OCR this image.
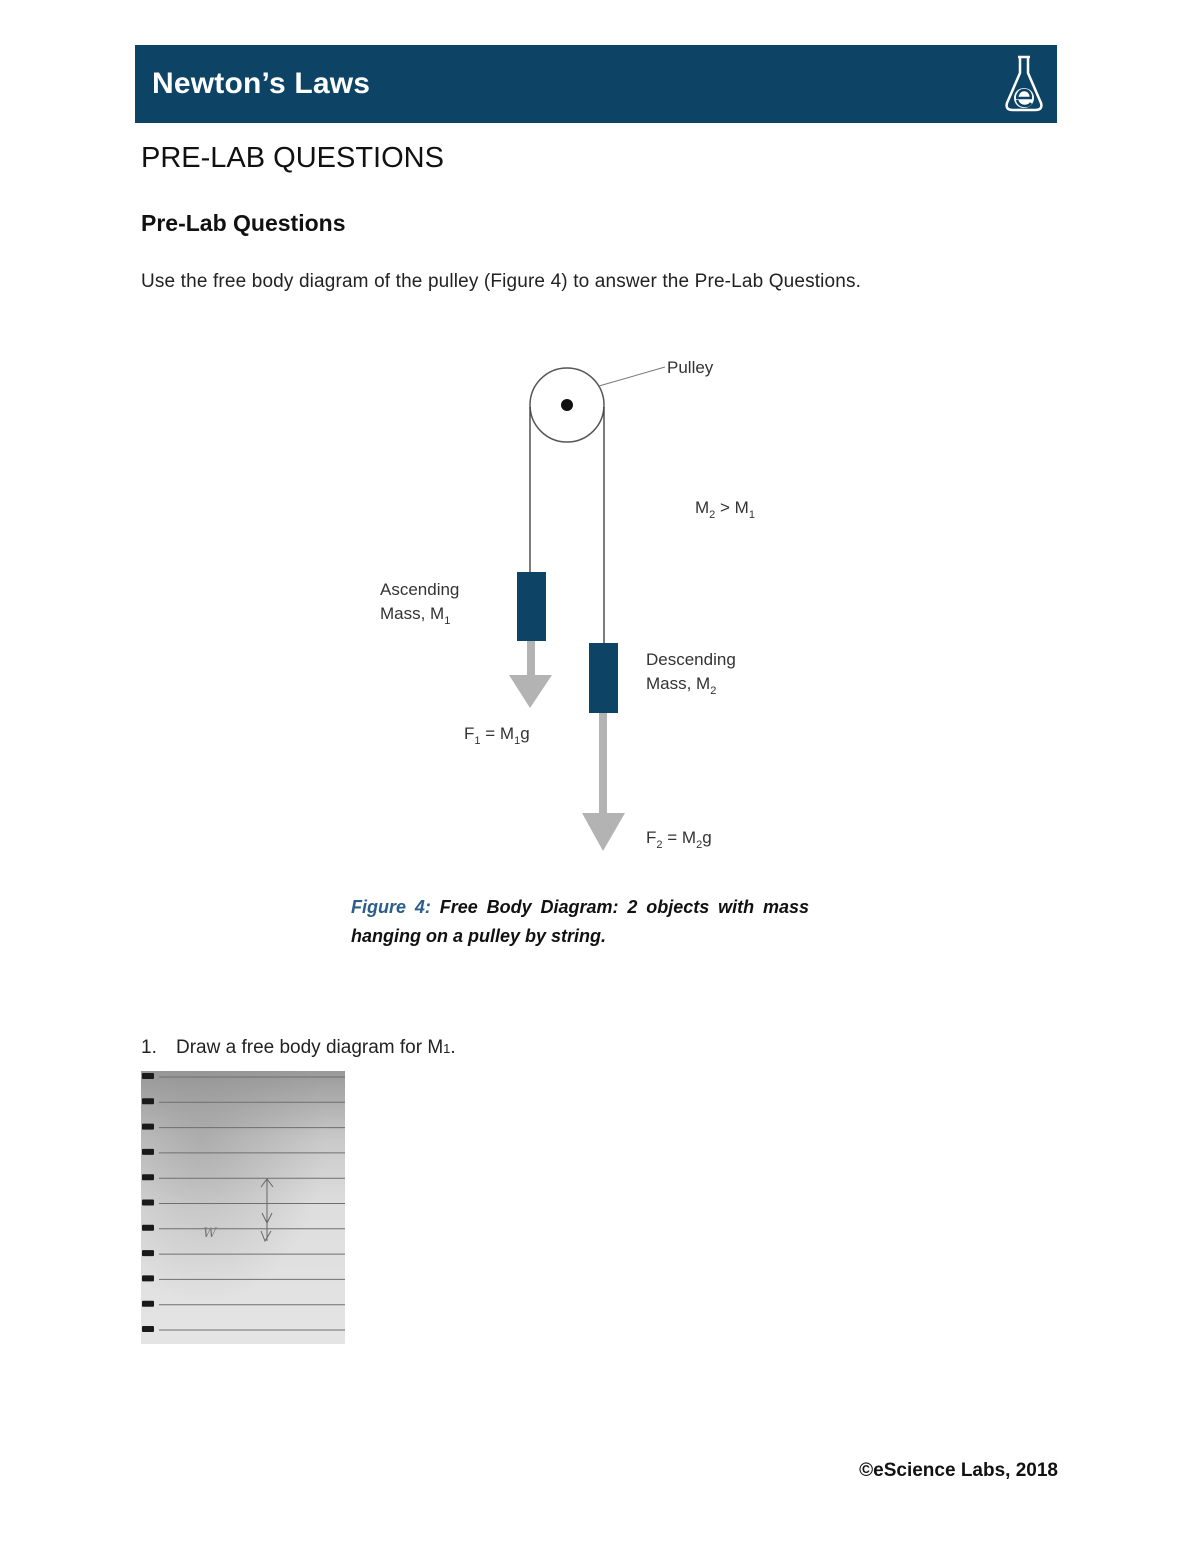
Newton’s Laws
PRE-LAB QUESTIONS
Pre-Lab Questions
Use the free body diagram of the pulley (Figure 4) to answer the Pre-Lab Questions.
Pulley
$M_2 > M_1$
Ascending
Mass, $M_1$
$F_1 = M_1g$
Descending
Mass, $M_2$
$F_2 = M_2g$
Figure 4: Free Body Diagram: 2 objects with mass hanging on a pulley by string.
1. Draw a free body diagram for M1.
W
©eScience Labs, 2018
